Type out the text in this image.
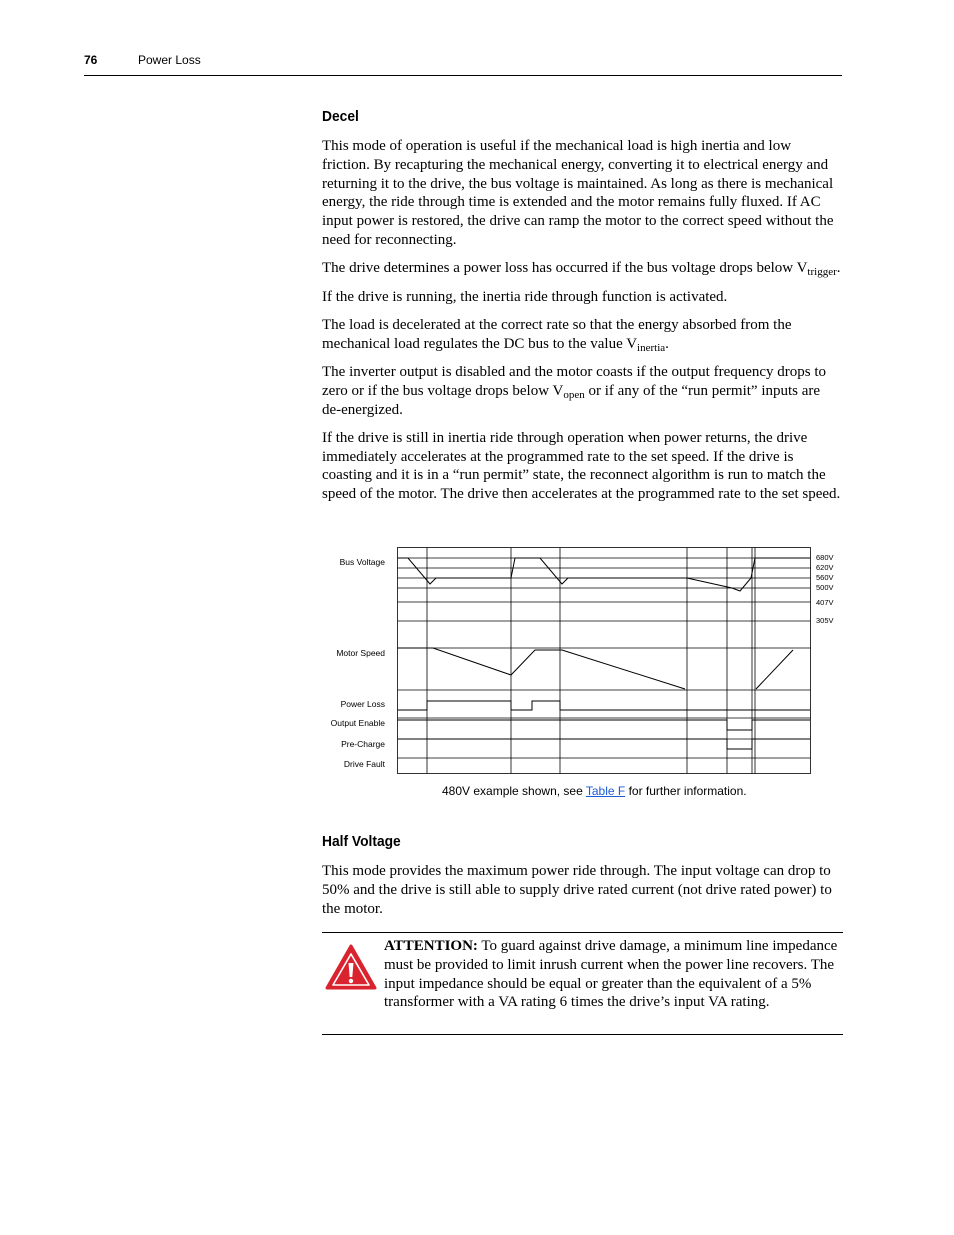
76	Power Loss
Decel

This mode of operation is useful if the mechanical load is high inertia and low friction. By recapturing the mechanical energy, converting it to electrical energy and returning it to the drive, the bus voltage is maintained. As long as there is mechanical energy, the ride through time is extended and the motor remains fully fluxed. If AC input power is restored, the drive can ramp the motor to the correct speed without the need for reconnecting.

The drive determines a power loss has occurred if the bus voltage drops below $V_{trigger}$.

If the drive is running, the inertia ride through function is activated.

The load is decelerated at the correct rate so that the energy absorbed from the mechanical load regulates the DC bus to the value $V_{inertia}$.

The inverter output is disabled and the motor coasts if the output frequency drops to zero or if the bus voltage drops below $V_{open}$ or if any of the “run permit” inputs are de-energized.

If the drive is still in inertia ride through operation when power returns, the drive immediately accelerates at the programmed rate to the set speed. If the drive is coasting and it is in a “run permit” state, the reconnect algorithm is run to match the speed of the motor. The drive then accelerates at the programmed rate to the set speed.

Bus Voltage
Motor Speed
Power Loss
Output Enable
Pre-Charge
Drive Fault
680V
620V
560V
500V
407V
305V
480V example shown, see Table F for further information.
Half Voltage

This mode provides the maximum power ride through. The input voltage can drop to 50% and the drive is still able to supply drive rated current (not drive rated power) to the motor.

ATTENTION: To guard against drive damage, a minimum line impedance must be provided to limit inrush current when the power line recovers. The input impedance should be equal or greater than the equivalent of a 5% transformer with a VA rating 6 times the drive’s input VA rating.
